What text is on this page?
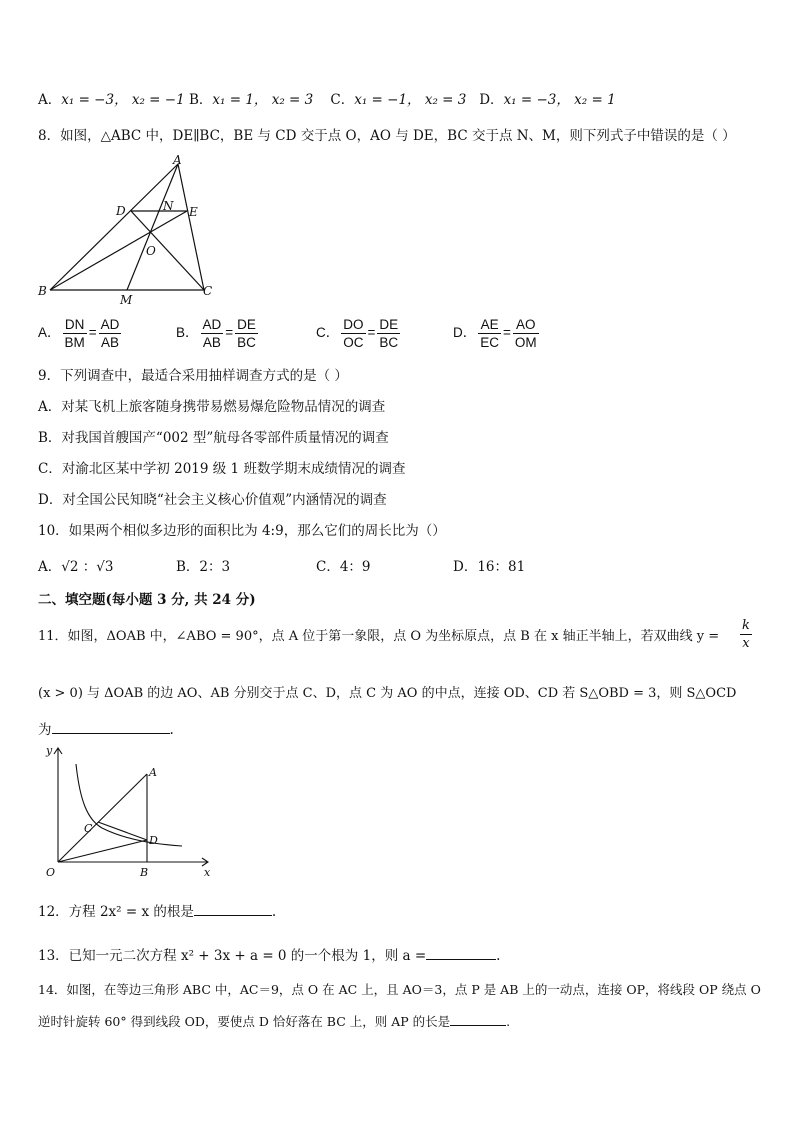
A．x₁ = −3， x₂ = −1 B．x₁ = 1， x₂ = 3 C．x₁ = −1， x₂ = 3 D．x₁ = −3， x₂ = 1
8．如图，△ABC 中，DE∥BC，BE 与 CD 交于点 O，AO 与 DE，BC 交于点 N、M，则下列式子中错误的是（ ）
A
D	N E
O
B
M
C
A． $\frac{DN}{BM} = \frac{AD}{AB}$	B． $\frac{AD}{AB} = \frac{DE}{BC}$	C． $\frac{DO}{OC} = \frac{DE}{BC}$	D． $\frac{AE}{EC} = \frac{AO}{OM}$
9．下列调查中，最适合采用抽样调查方式的是（ ）
A．对某飞机上旅客随身携带易燃易爆危险物品情况的调查
B．对我国首艘国产“002 型”航母各零部件质量情况的调查
C．对渝北区某中学初 2019 级 1 班数学期末成绩情况的调查
D．对全国公民知晓“社会主义核心价值观”内涵情况的调查
10．如果两个相似多边形的面积比为 4:9，那么它们的周长比为（）
A．√2 ：√3	B．2：3	C．4：9	D．16：81
二、填空题(每小题 3 分, 共 24 分)
11．如图，ΔOAB 中，∠ABO = 90°，点 A 位于第一象限，点 O 为坐标原点，点 B 在 x 轴正半轴上，若双曲线 $y = \frac{k}{x}$
(x > 0) 与 ΔOAB 的边 AO、AB 分别交于点 C、D，点 C 为 AO 的中点，连接 OD、CD 若 S△OBD = 3，则 S△OCD
为	.
y
x
O
A
B
C
D
12．方程 2x² = x 的根是	.
13．已知一元二次方程 x² + 3x + a = 0 的一个根为 1，则 a =	.
14．如图，在等边三角形 ABC 中，AC＝9，点 O 在 AC 上，且 AO＝3，点 P 是 AB 上的一动点，连接 OP，将线段 OP 绕点 O
逆时针旋转 60° 得到线段 OD，要使点 D 恰好落在 BC 上，则 AP 的长是	.
